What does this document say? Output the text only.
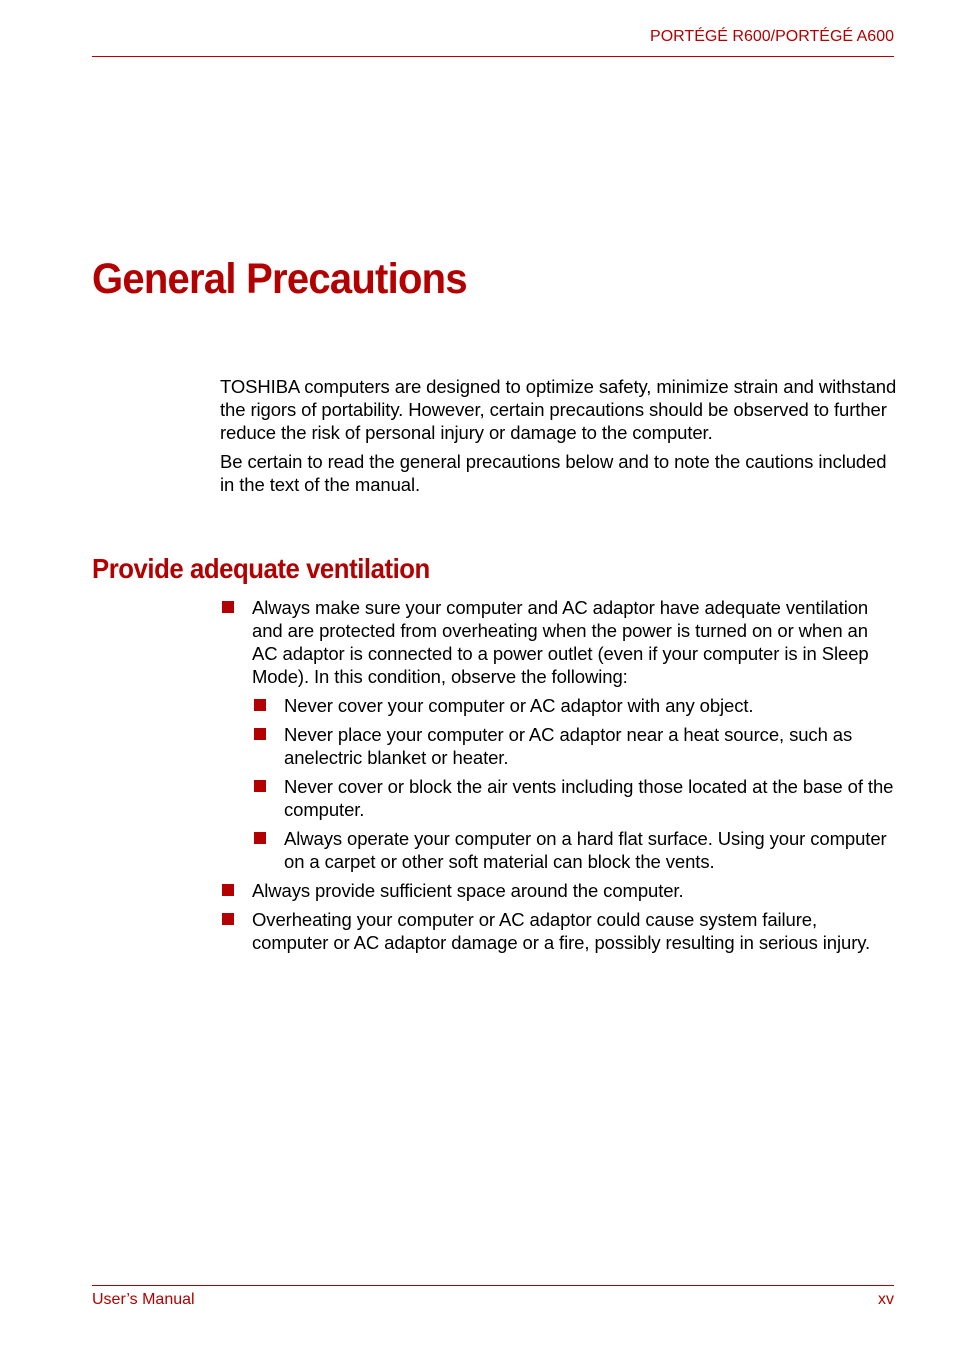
PORTÉGÉ R600/PORTÉGÉ A600
General Precautions

TOSHIBA computers are designed to optimize safety, minimize strain and withstand the rigors of portability. However, certain precautions should be observed to further reduce the risk of personal injury or damage to the computer.

Be certain to read the general precautions below and to note the cautions included in the text of the manual.

Provide adequate ventilation
Always make sure your computer and AC adaptor have adequate ventilation and are protected from overheating when the power is turned on or when an AC adaptor is connected to a power outlet (even if your computer is in Sleep Mode). In this condition, observe the following:
Never cover your computer or AC adaptor with any object.
Never place your computer or AC adaptor near a heat source, such as anelectric blanket or heater.
Never cover or block the air vents including those located at the base of the computer.
Always operate your computer on a hard flat surface. Using your computer on a carpet or other soft material can block the vents.
Always provide sufficient space around the computer.
Overheating your computer or AC adaptor could cause system failure, computer or AC adaptor damage or a fire, possibly resulting in serious injury.
User’s Manual	xv
